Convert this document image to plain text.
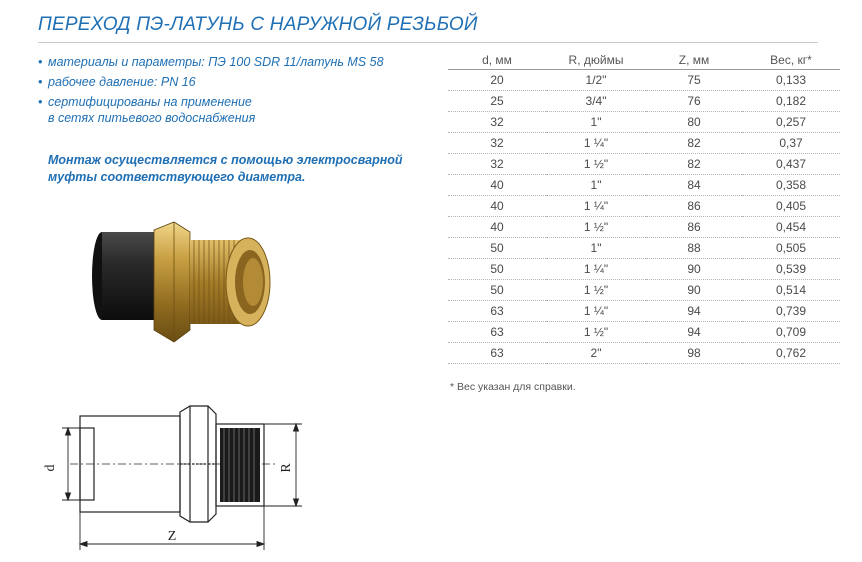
ПЕРЕХОД ПЭ-ЛАТУНЬ С НАРУЖНОЙ РЕЗЬБОЙ
• материалы и параметры: ПЭ 100 SDR 11/латунь MS 58
• рабочее давление: PN 16
• сертифицированы на применение
в сетях питьевого водоснабжения
Монтаж осуществляется с помощью электросварной
муфты соответствующего диаметра.
d	R
Z
d, мм	R, дюймы	Z, мм	Вес, кг*
20	1/2"	75	0,133
25	3/4"	76	0,182
32	1"	80	0,257
32	1 ¼"	82	0,37
32	1 ½"	82	0,437
40	1"	84	0,358
40	1 ¼"	86	0,405
40	1 ½"	86	0,454
50	1"	88	0,505
50	1 ¼"	90	0,539
50	1 ½"	90	0,514
63	1 ¼"	94	0,739
63	1 ½"	94	0,709
63	2"	98	0,762
* Вес указан для справки.
